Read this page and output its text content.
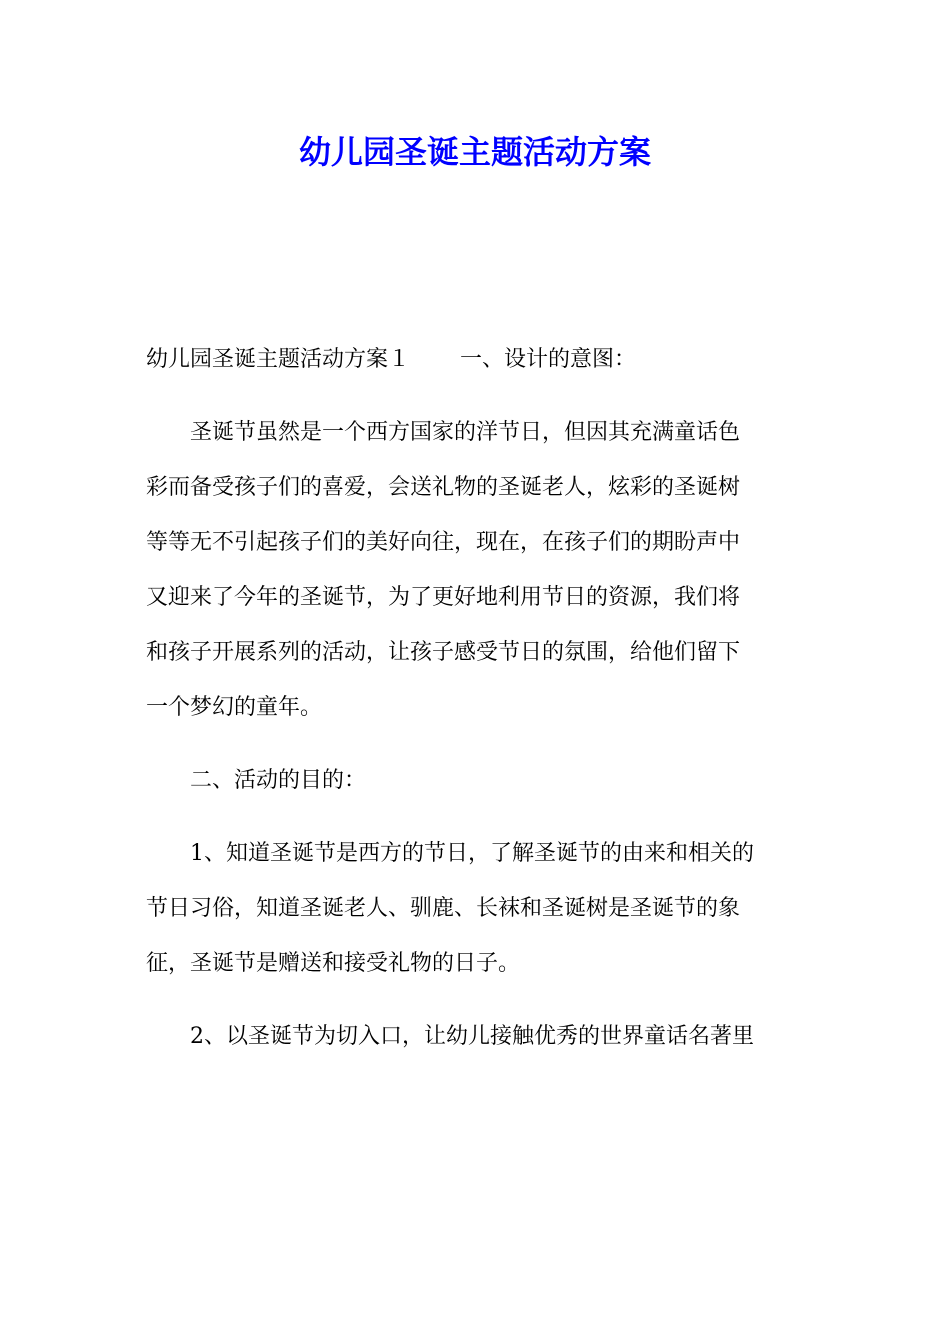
幼儿园圣诞主题活动方案
幼儿园圣诞主题活动方案１ 一、设计的意图：
圣诞节虽然是一个西方国家的洋节日，但因其充满童话色
彩而备受孩子们的喜爱，会送礼物的圣诞老人，炫彩的圣诞树
等等无不引起孩子们的美好向往，现在，在孩子们的期盼声中
又迎来了今年的圣诞节，为了更好地利用节日的资源，我们将
和孩子开展系列的活动，让孩子感受节日的氛围，给他们留下
一个梦幻的童年。
二、活动的目的：
1、知道圣诞节是西方的节日，了解圣诞节的由来和相关的
节日习俗，知道圣诞老人、驯鹿、长袜和圣诞树是圣诞节的象
征，圣诞节是赠送和接受礼物的日子。
2、以圣诞节为切入口，让幼儿接触优秀的世界童话名著里
